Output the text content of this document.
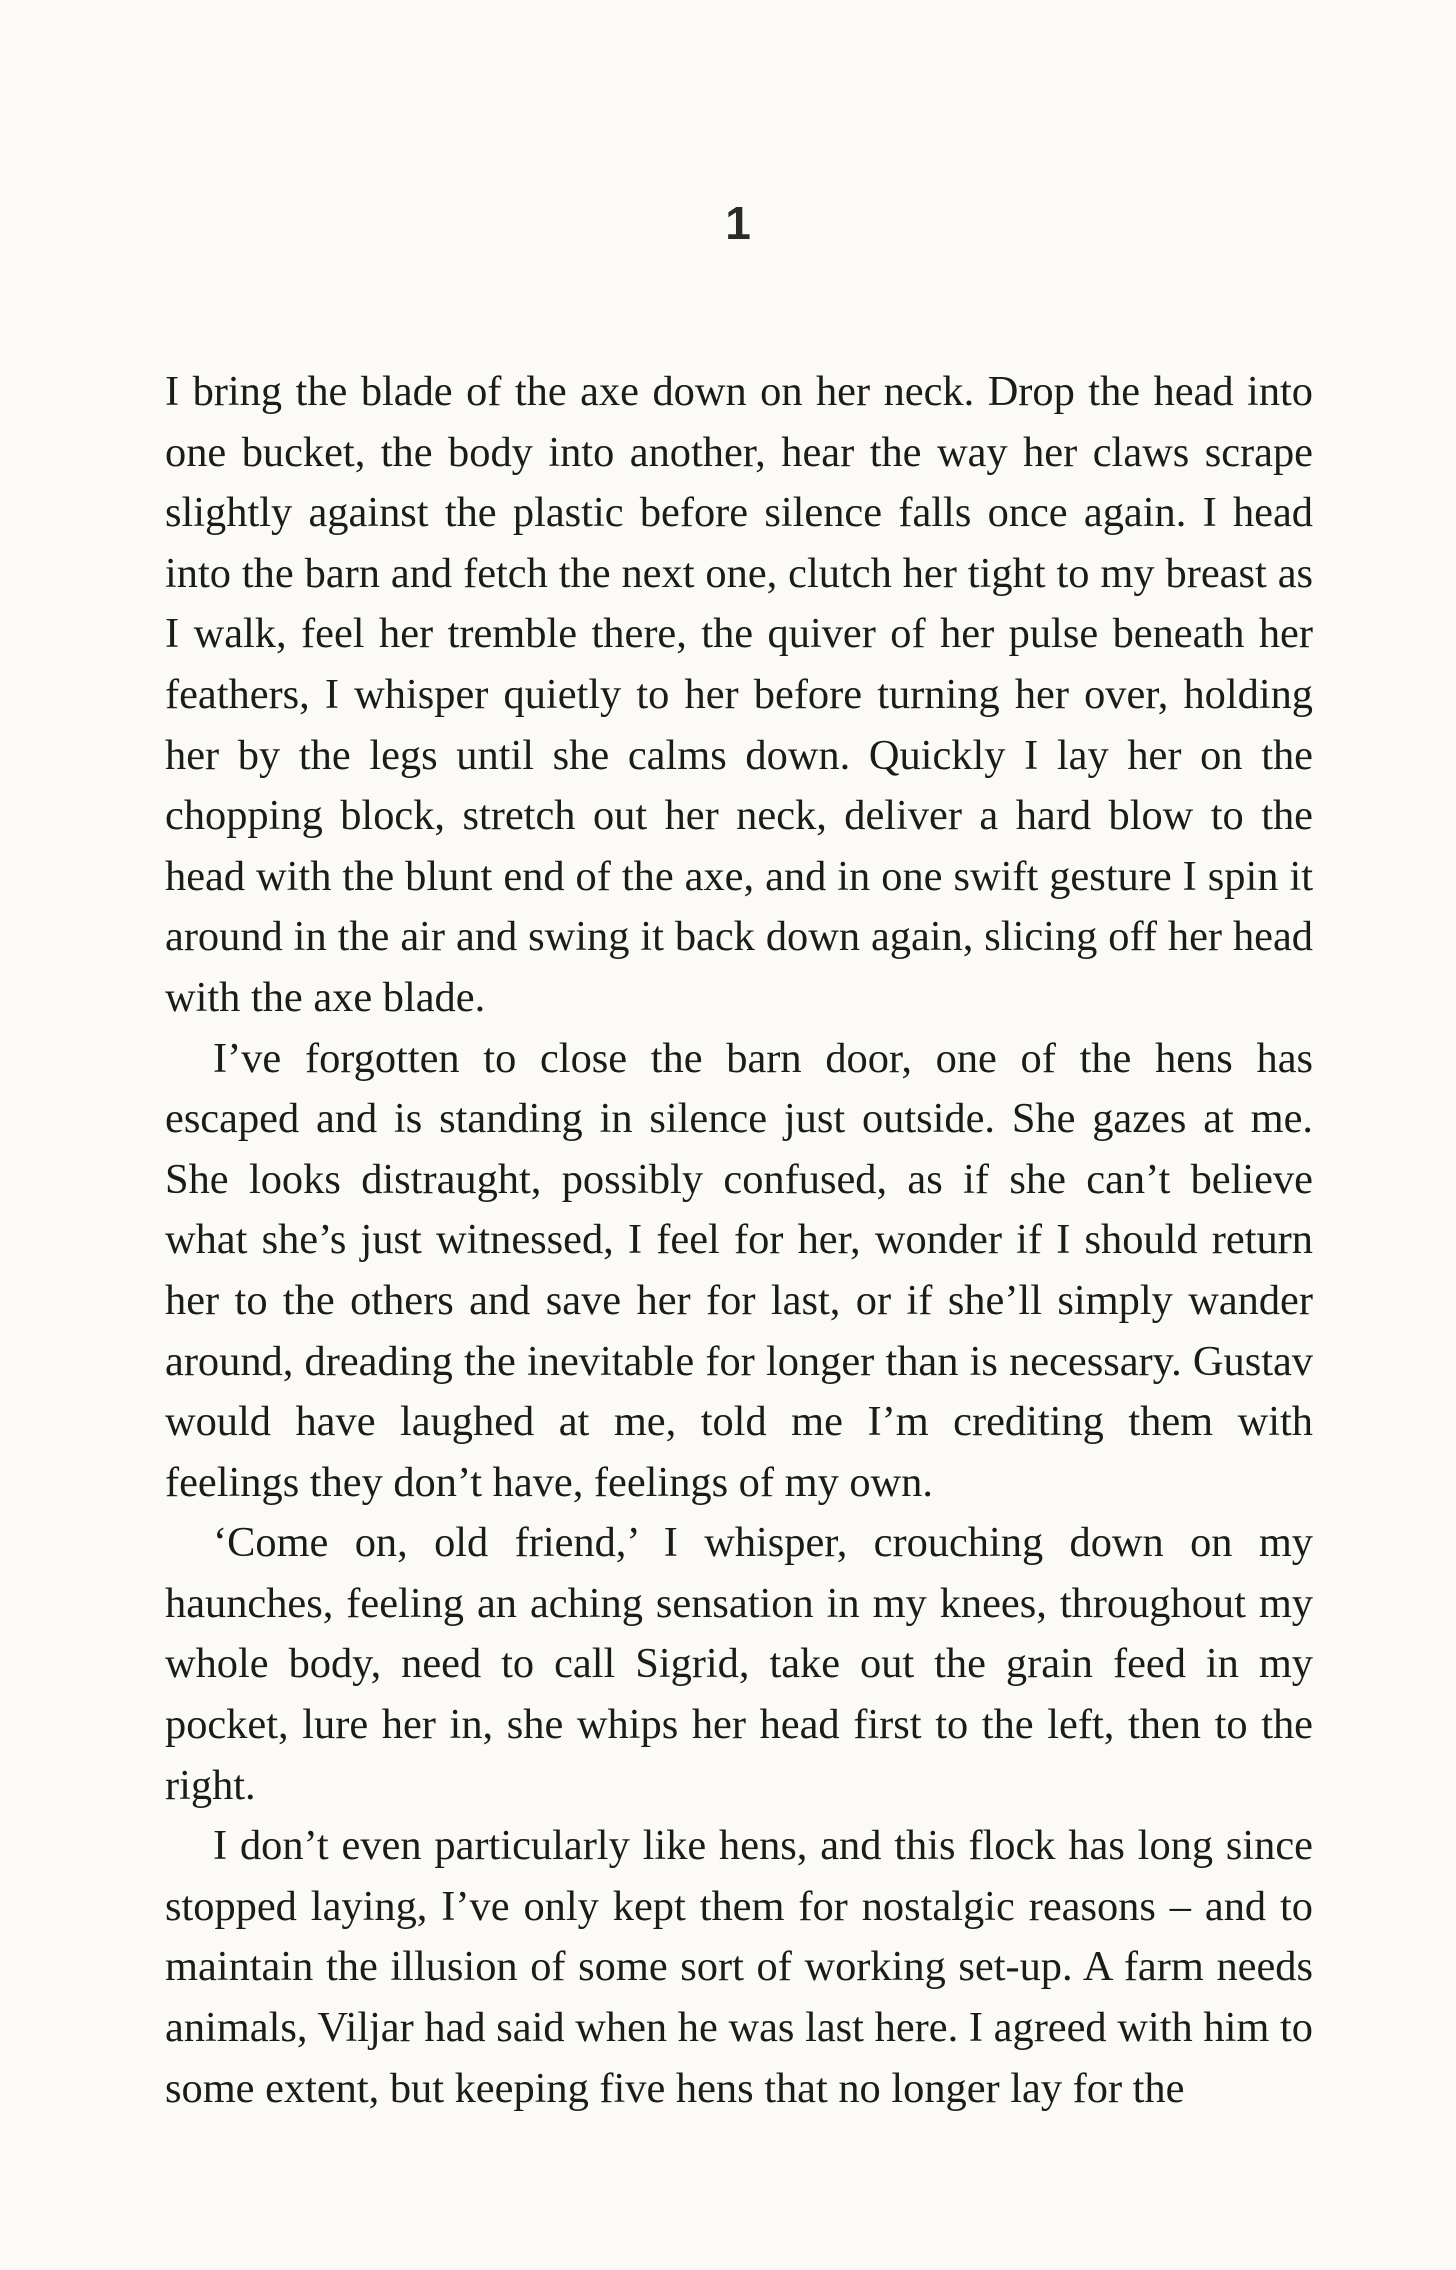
1

I bring the blade of the axe down on her neck. Drop the head into one bucket, the body into another, hear the way her claws scrape slightly against the plastic before silence falls once again. I head into the barn and fetch the next one, clutch her tight to my breast as I walk, feel her tremble there, the quiver of her pulse beneath her feathers, I whisper quietly to her before turning her over, holding her by the legs until she calms down. Quickly I lay her on the chopping block, stretch out her neck, deliver a hard blow to the head with the blunt end of the axe, and in one swift gesture I spin it around in the air and swing it back down again, slicing off her head with the axe blade.

I’ve forgotten to close the barn door, one of the hens has escaped and is standing in silence just outside. She gazes at me. She looks distraught, possibly confused, as if she can’t believe what she’s just witnessed, I feel for her, wonder if I should return her to the others and save her for last, or if she’ll simply wander around, dreading the inevitable for longer than is necessary. Gustav would have laughed at me, told me I’m crediting them with feelings they don’t have, feelings of my own.

‘Come on, old friend,’ I whisper, crouching down on my haunches, feeling an aching sensation in my knees, throughout my whole body, need to call Sigrid, take out the grain feed in my pocket, lure her in, she whips her head first to the left, then to the right.

I don’t even particularly like hens, and this flock has long since stopped laying, I’ve only kept them for nostalgic reasons – and to maintain the illusion of some sort of working set-up. A farm needs animals, Viljar had said when he was last here. I agreed with him to some extent, but keeping five hens that no longer lay for the
